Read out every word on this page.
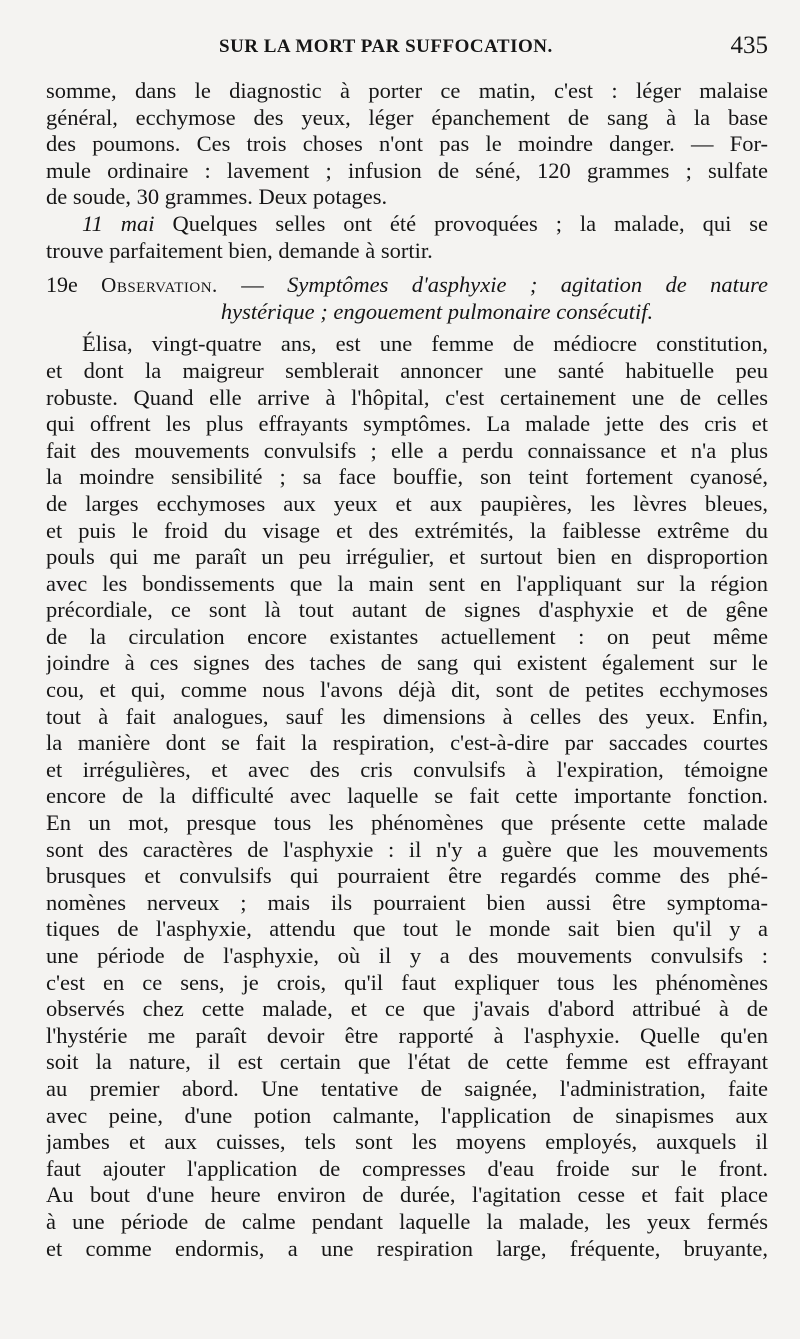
SUR LA MORT PAR SUFFOCATION.	435
somme, dans le diagnostic à porter ce matin, c'est : léger malaise
général, ecchymose des yeux, léger épanchement de sang à la base
des poumons. Ces trois choses n'ont pas le moindre danger. — For-
mule ordinaire : lavement ; infusion de séné, 120 grammes ; sulfate
de soude, 30 grammes. Deux potages.
11 mai Quelques selles ont été provoquées ; la malade, qui se
trouve parfaitement bien, demande à sortir.
19e Observation. — Symptômes d'asphyxie ; agitation de nature
hystérique ; engouement pulmonaire consécutif.
Élisa, vingt-quatre ans, est une femme de médiocre constitution,
et dont la maigreur semblerait annoncer une santé habituelle peu
robuste. Quand elle arrive à l'hôpital, c'est certainement une de celles
qui offrent les plus effrayants symptômes. La malade jette des cris et
fait des mouvements convulsifs ; elle a perdu connaissance et n'a plus
la moindre sensibilité ; sa face bouffie, son teint fortement cyanosé,
de larges ecchymoses aux yeux et aux paupières, les lèvres bleues,
et puis le froid du visage et des extrémités, la faiblesse extrême du
pouls qui me paraît un peu irrégulier, et surtout bien en disproportion
avec les bondissements que la main sent en l'appliquant sur la région
précordiale, ce sont là tout autant de signes d'asphyxie et de gêne
de la circulation encore existantes actuellement : on peut même
joindre à ces signes des taches de sang qui existent également sur le
cou, et qui, comme nous l'avons déjà dit, sont de petites ecchymoses
tout à fait analogues, sauf les dimensions à celles des yeux. Enfin,
la manière dont se fait la respiration, c'est-à-dire par saccades courtes
et irrégulières, et avec des cris convulsifs à l'expiration, témoigne
encore de la difficulté avec laquelle se fait cette importante fonction.
En un mot, presque tous les phénomènes que présente cette malade
sont des caractères de l'asphyxie : il n'y a guère que les mouvements
brusques et convulsifs qui pourraient être regardés comme des phé-
nomènes nerveux ; mais ils pourraient bien aussi être symptoma-
tiques de l'asphyxie, attendu que tout le monde sait bien qu'il y a
une période de l'asphyxie, où il y a des mouvements convulsifs :
c'est en ce sens, je crois, qu'il faut expliquer tous les phénomènes
observés chez cette malade, et ce que j'avais d'abord attribué à de
l'hystérie me paraît devoir être rapporté à l'asphyxie. Quelle qu'en
soit la nature, il est certain que l'état de cette femme est effrayant
au premier abord. Une tentative de saignée, l'administration, faite
avec peine, d'une potion calmante, l'application de sinapismes aux
jambes et aux cuisses, tels sont les moyens employés, auxquels il
faut ajouter l'application de compresses d'eau froide sur le front.
Au bout d'une heure environ de durée, l'agitation cesse et fait place
à une période de calme pendant laquelle la malade, les yeux fermés
et comme endormis, a une respiration large, fréquente, bruyante,
